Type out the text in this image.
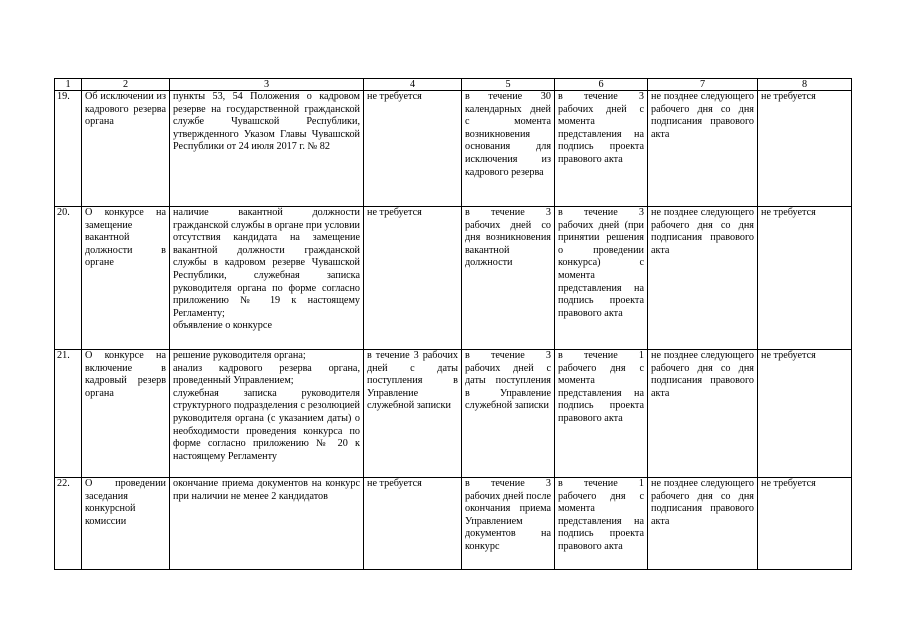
1	2	3	4	5	6	7	8
19.	Об исключении из кадрового резерва органа	пункты 53, 54 Положения о кадровом резерве на государственной гражданской службе Чувашской Республики, утвержденного Указом Главы Чувашской Республики от 24 июля 2017 г. № 82	не требуется	в течение 30 календарных дней с момента возникновения основания для исключения из кадрового резерва	в течение 3 рабочих дней с момента представления на подпись проекта правового акта	не позднее следующего рабочего дня со дня подписания правового акта	не требуется
20.	О конкурсе на замещение вакантной должности в органе	наличие вакантной должности гражданской службы в органе при условии отсутствия кандидата на замещение вакантной должности гражданской службы в кадровом резерве Чувашской Республики, служебная записка руководителя органа по форме согласно приложению № 19 к настоящему Регламенту;
объявление о конкурсе	не требуется	в течение 3 рабочих дней со дня возникновения вакантной должности	в течение 3 рабочих дней (при принятии решения о проведении конкурса) с момента представления на подпись проекта правового акта	не позднее следующего рабочего дня со дня подписания правового акта	не требуется
21.	О конкурсе на включение в кадровый резерв органа	решение руководителя органа;
анализ кадрового резерва органа, проведенный Управлением;
служебная записка руководителя структурного подразделения с резолюцией руководителя органа (с указанием даты) о необходимости проведения конкурса по форме согласно приложению № 20 к настоящему Регламенту	в течение 3 рабочих дней с даты поступления в Управление служебной записки	в течение 3 рабочих дней с даты поступления в Управление служебной записки	в течение 1 рабочего дня с момента представления на подпись проекта правового акта	не позднее следующего рабочего дня со дня подписания правового акта	не требуется
22.	О проведении заседания конкурсной комиссии	окончание приема документов на конкурс при наличии не менее 2 кандидатов	не требуется	в течение 3 рабочих дней после окончания приема Управлением документов на конкурс	в течение 1 рабочего дня с момента представления на подпись проекта правового акта	не позднее следующего рабочего дня со дня подписания правового акта	не требуется
